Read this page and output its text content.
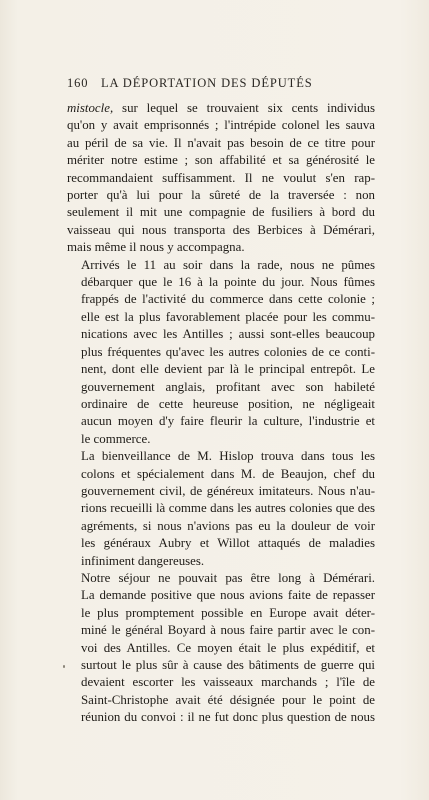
160 LA DÉPORTATION DES DÉPUTÉS
mistocle, sur lequel se trouvaient six cents individus
qu'on y avait emprisonnés ; l'intrépide colonel les sauva
au péril de sa vie. Il n'avait pas besoin de ce titre pour
mériter notre estime ; son affabilité et sa générosité le
recommandaient suffisamment. Il ne voulut s'en rap-
porter qu'à lui pour la sûreté de la traversée : non
seulement il mit une compagnie de fusiliers à bord du
vaisseau qui nous transporta des Berbices à Démérari,
mais même il nous y accompagna.
Arrivés le 11 au soir dans la rade, nous ne pûmes
débarquer que le 16 à la pointe du jour. Nous fûmes
frappés de l'activité du commerce dans cette colonie ;
elle est la plus favorablement placée pour les commu-
nications avec les Antilles ; aussi sont-elles beaucoup
plus fréquentes qu'avec les autres colonies de ce conti-
nent, dont elle devient par là le principal entrepôt. Le
gouvernement anglais, profitant avec son habileté
ordinaire de cette heureuse position, ne négligeait
aucun moyen d'y faire fleurir la culture, l'industrie et
le commerce.
La bienveillance de M. Hislop trouva dans tous les
colons et spécialement dans M. de Beaujon, chef du
gouvernement civil, de généreux imitateurs. Nous n'au-
rions recueilli là comme dans les autres colonies que des
agréments, si nous n'avions pas eu la douleur de voir
les généraux Aubry et Willot attaqués de maladies
infiniment dangereuses.
Notre séjour ne pouvait pas être long à Démérari.
La demande positive que nous avions faite de repasser
le plus promptement possible en Europe avait déter-
miné le général Boyard à nous faire partir avec le con-
voi des Antilles. Ce moyen était le plus expéditif, et
surtout le plus sûr à cause des bâtiments de guerre qui
devaient escorter les vaisseaux marchands ; l'île de
Saint-Christophe avait été désignée pour le point de
réunion du convoi : il ne fut donc plus question de nous
